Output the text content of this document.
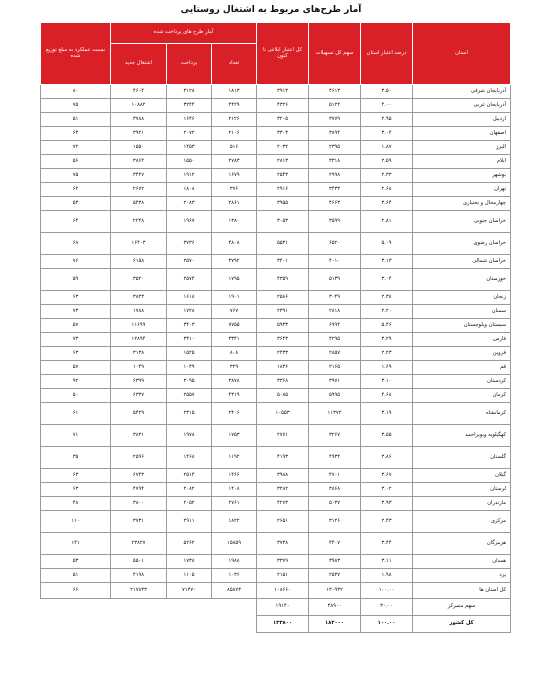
آمار طرح‌های مربوط به اشتغال روستایی
استان	درصد اعتبار استان	سهم کل تسهیلات	کل اعتبار ابلاغی تا کنون	آمار طرح های پرداخت شده			نسبت عملکرد به مبلغ توزیع شده
				تعداد	پرداخت	اشتغال جدید	
آذربایجان شرقی	۳.۵۰	۴۶۱۳	۳۹۱۳	۱۸۱۳	۳۱۲۸	۴۶۰۴	۸۰
آذربایجان غربی	۴.۰۰	۵۱۲۴	۴۳۲۶	۴۴۲۹	۳۲۴۴	۱۰۸۸۲	۷۵
اردبیل	۲.۹۵	۳۷۷۹	۳۲۰۵	۲۱۲۶	۱۶۴۶	۳۷۸۸	۵۱
اصفهان	۳.۰۴	۳۸۹۴	۳۳۰۳	۲۱۰۶	۲۰۷۲	۳۹۲۱	۶۳
البرز	۱.۸۷	۲۳۹۵	۲۰۳۲	۵۱۶	۱۴۵۳	۱۵۵۰	۷۲
ایلام	۲.۵۹	۳۳۱۸	۲۸۱۳	۲۷۸۳	۱۵۵۰	۳۸۶۴	۵۶
بوشهر	۲.۳۳	۲۹۹۸	۲۵۴۳	۱۶۷۹	۱۹۱۲	۳۴۴۷	۷۵
تهران	۲.۶۸	۳۴۳۳	۲۹۱۶	۳۷۶	۱۸۰۸	۲۶۷۲	۶۲
چهارمحال و بختیاری	۳.۶۴	۴۶۶۳	۳۹۵۵	۲۸۶۱	۲۰۸۳	۵۴۳۸	۵۳
خراسان جنوبی	۲.۸۱	۳۵۹۹	۳۰۵۳	۱۳۸۰	۱۹۶۷	۲۲۴۸	۶۴
خراسان رضوی	۵.۰۹	۶۵۲۰	۵۵۳۱	۴۸۰۸	۳۷۳۶	۱۶۴۰۳	۶۸
خراسان شمالی	۳.۱۳	۴۰۱۰	۳۴۰۱	۳۷۹۲	۲۵۷۰	۶۱۵۸	۷۶
خوزستان	۳.۰۴	۵۱۳۹	۴۳۵۹	۱۷۹۵	۲۵۷۴	۳۵۲۰	۵۹
زنجان	۲.۳۸	۳۰۴۹	۲۵۸۶	۱۹۰۱	۱۶۱۸	۳۸۴۳	۶۳
سمنان	۲.۲۰	۲۸۱۸	۲۳۹۱	۷۶۷	۱۷۲۸	۱۷۸۸	۷۳
سیستان وبلوچستان	۵.۴۶	۶۹۹۴	۵۹۳۳	۷۷۵۵	۳۴۰۳	۱۱۶۹۹	۵۷
فارس	۳.۲۹	۴۲۹۵	۳۶۴۳	۳۳۴۱	۳۳۱۰	۱۲۸۹۴	۷۳
قزوین	۲.۲۳	۲۸۵۷	۲۴۳۳	۸۰۸	۱۵۲۵	۳۱۳۸	۶۳
قم	۱.۶۹	۲۱۶۵	۱۸۳۶	۳۲۹	۱۰۴۹	۱۰۴۹	۵۷
کردستان	۳.۱۰	۳۹۷۱	۳۳۶۸	۳۸۷۸	۳۰۹۵	۶۳۹۹	۹۲
کرمان	۴.۶۸	۵۹۹۵	۵۰۸۵	۴۳۱۹	۲۵۵۷	۶۳۳۷	۵۰
کرمانشاه	۳.۱۹	۱۱۳۷۲	۱۰۵۵۳	۲۴۰۶	۲۳۱۵	۵۴۲۹	۶۱
کهگیلویه وبویراحمد	۳.۵۵	۳۲۶۷	۲۷۷۱	۱۷۵۳	۱۹۷۸	۳۸۳۱	۷۱
گلستان	۳.۸۶	۴۹۳۴	۴۱۹۳	۱۱۹۲	۱۴۶۸	۲۵۹۶	۳۵
گیلان	۳.۶۷	۴۷۰۱	۳۹۸۸	۱۴۶۶	۲۵۱۴	۶۷۴۳	۶۳
لرستان	۳.۰۲	۳۸۶۸	۳۲۸۲	۱۴۰۸	۲۰۸۲	۴۷۹۴	۶۳
مازندران	۳.۹۳	۵۰۳۷	۴۲۷۳	۲۷۶۱	۲۰۵۲	۳۸۰۰	۴۸
مرکزی	۲.۴۳	۳۱۲۶	۲۶۵۱	۱۸۲۲	۲۹۱۱	۳۷۳۱	۱۱۰
هرمزگان	۳.۴۴	۴۴۰۷	۳۷۳۸	۱۵۸۵۹	۵۲۶۲	۲۳۸۲۷	۱۴۱
همدان	۳.۱۱	۳۹۸۳	۳۳۷۹	۱۹۸۸	۱۷۳۸	۵۵۰۱	۵۳
یزد	۱.۹۸	۲۵۳۷	۲۱۵۱	۱۰۳۶	۱۱۰۵	۴۱۹۸	۵۱
کل استان ها	۱۰۰.۰۰	۱۳۰۹۳۲	۱۰۸۶۶۰	۸۵۸۷۳	۷۱۴۷۰	۲۱۷۸۳۳	۶۶
سهم متمرکز	۳۰.۰۰	۴۸۹۰۰	۱۹۱۴۰				
کل کشور	۱۰۰.۰۰	۱۸۳۰۰۰	۱۳۳۸۰۰				
